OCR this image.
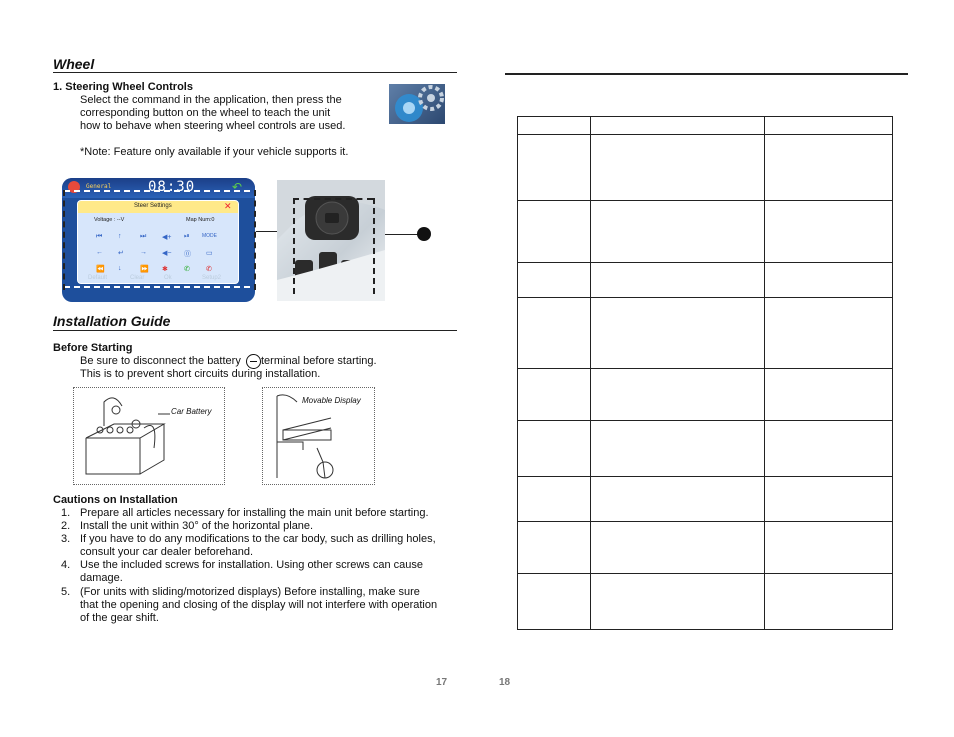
Wheel
1. Steering Wheel Controls
Select the command in the application, then press the
corresponding button on the wheel to teach the unit
how to behave when steering wheel controls are used.
*Note: Feature only available if your vehicle supports it.
General	08:30	↶
Steer Settings	✕
Voltage : --V	Map Num:0
⏮ ↑	⏭ ◀+ ⏯ MODE
← ↵ → ◀− ⓪ ▭
⏪ ↓	⏩ ✱ ✆ ✆
Default	Clear	Ok	Setup2
Installation Guide
Before Starting
Be sure to disconnect the battery terminal before starting.
This is to prevent short circuits during installation.
Car Battery
Movable Display
Cautions on Installation
1. Prepare all articles necessary for installing the main unit before starting.
2. Install the unit within 30° of the horizontal plane.
3. If you have to do any modifications to the car body, such as drilling holes,
consult your car dealer beforehand.
4. Use the included screws for installation. Using other screws can cause
damage.
5. (For units with sliding/motorized displays) Before installing, make sure
that the opening and closing of the display will not interfere with operation
of the gear shift.
17

			18
